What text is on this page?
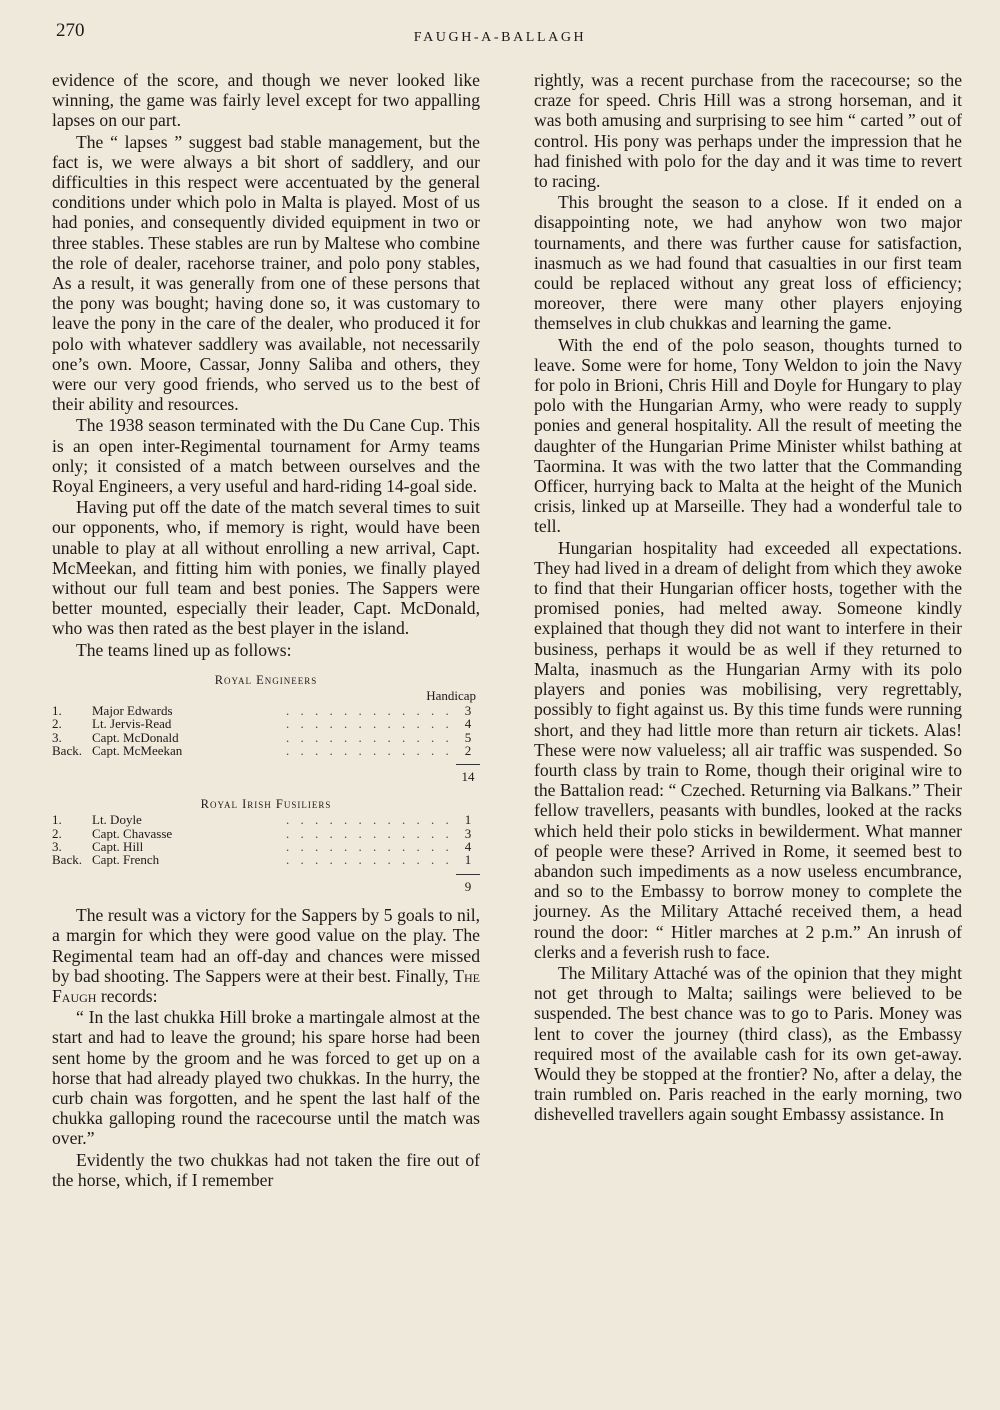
270	FAUGH-A-BALLAGH

evidence of the score, and though we never looked like winning, the game was fairly level except for two appalling lapses on our part.

The “ lapses ” suggest bad stable management, but the fact is, we were always a bit short of saddlery, and our difficulties in this respect were accentuated by the general conditions under which polo in Malta is played. Most of us had ponies, and consequently divided equipment in two or three stables. These stables are run by Maltese who combine the role of dealer, racehorse trainer, and polo pony stables, As a result, it was generally from one of these persons that the pony was bought; having done so, it was customary to leave the pony in the care of the dealer, who produced it for polo with whatever saddlery was available, not necessarily one’s own. Moore, Cassar, Jonny Saliba and others, they were our very good friends, who served us to the best of their ability and resources.

The 1938 season terminated with the Du Cane Cup. This is an open inter-Regimental tournament for Army teams only; it consisted of a match between ourselves and the Royal Engineers, a very useful and hard-riding 14-goal side.

Having put off the date of the match several times to suit our opponents, who, if memory is right, would have been unable to play at all without enrolling a new arrival, Capt. McMeekan, and fitting him with ponies, we finally played without our full team and best ponies. The Sappers were better mounted, especially their leader, Capt. McDonald, who was then rated as the best player in the island.

The teams lined up as follows:

Royal Engineers
Handicap
1.	Major Edwards	. . . . . . . . . . . . 3
2.	Lt. Jervis-Read	. . . . . . . . . . . . 4
3.	Capt. McDonald	. . . . . . . . . . . . 5
Back. Capt. McMeekan	. . . . . . . . . . . . 2
14
Royal Irish Fusiliers
1.	Lt. Doyle	. . . . . . . . . . . . 1
2.	Capt. Chavasse	. . . . . . . . . . . . 3
3.	Capt. Hill	. . . . . . . . . . . . 4
Back. Capt. French	. . . . . . . . . . . . 1
9

The result was a victory for the Sappers by 5 goals to nil, a margin for which they were good value on the play. The Regimental team had an off-day and chances were missed by bad shooting. The Sappers were at their best. Finally, The Faugh records:

“ In the last chukka Hill broke a martingale almost at the start and had to leave the ground; his spare horse had been sent home by the groom and he was forced to get up on a horse that had already played two chukkas. In the hurry, the curb chain was forgotten, and he spent the last half of the chukka galloping round the racecourse until the match was over.”

Evidently the two chukkas had not taken the fire out of the horse, which, if I remember

rightly, was a recent purchase from the racecourse; so the craze for speed. Chris Hill was a strong horseman, and it was both amusing and surprising to see him “ carted ” out of control. His pony was perhaps under the impression that he had finished with polo for the day and it was time to revert to racing.

This brought the season to a close. If it ended on a disappointing note, we had anyhow won two major tournaments, and there was further cause for satisfaction, inasmuch as we had found that casualties in our first team could be replaced without any great loss of efficiency; moreover, there were many other players enjoying themselves in club chukkas and learning the game.

With the end of the polo season, thoughts turned to leave. Some were for home, Tony Weldon to join the Navy for polo in Brioni, Chris Hill and Doyle for Hungary to play polo with the Hungarian Army, who were ready to supply ponies and general hospitality. All the result of meeting the daughter of the Hungarian Prime Minister whilst bathing at Taormina. It was with the two latter that the Commanding Officer, hurrying back to Malta at the height of the Munich crisis, linked up at Marseille. They had a wonderful tale to tell.

Hungarian hospitality had exceeded all expectations. They had lived in a dream of delight from which they awoke to find that their Hungarian officer hosts, together with the promised ponies, had melted away. Someone kindly explained that though they did not want to interfere in their business, perhaps it would be as well if they returned to Malta, inasmuch as the Hungarian Army with its polo players and ponies was mobilising, very regrettably, possibly to fight against us. By this time funds were running short, and they had little more than return air tickets. Alas! These were now valueless; all air traffic was suspended. So fourth class by train to Rome, though their original wire to the Battalion read: “ Czeched. Returning via Balkans.” Their fellow travellers, peasants with bundles, looked at the racks which held their polo sticks in bewilderment. What manner of people were these? Arrived in Rome, it seemed best to abandon such impediments as a now useless encumbrance, and so to the Embassy to borrow money to complete the journey. As the Military Attaché received them, a head round the door: “ Hitler marches at 2 p.m.” An inrush of clerks and a feverish rush to face.

The Military Attaché was of the opinion that they might not get through to Malta; sailings were believed to be suspended. The best chance was to go to Paris. Money was lent to cover the journey (third class), as the Embassy required most of the available cash for its own get-away. Would they be stopped at the frontier? No, after a delay, the train rumbled on. Paris reached in the early morning, two dishevelled travellers again sought Embassy assistance. In
